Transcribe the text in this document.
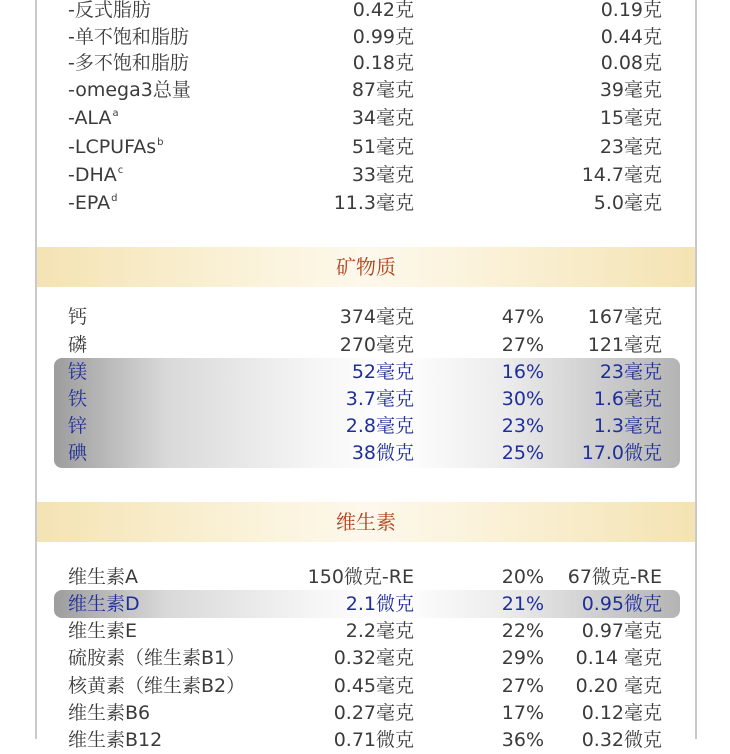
-反式脂肪	0.42克	0.19克
-单不饱和脂肪	0.99克	0.44克
-多不饱和脂肪	0.18克	0.08克
-omega3总量	87毫克	39毫克
-ALA$^a$	34毫克	15毫克
-LCPUFAs$^b$	51毫克	23毫克
-DHA$^c$	33毫克	14.7毫克
-EPA$^d$	11.3毫克	5.0毫克
矿物质
钙	374毫克	47% 167毫克
磷	270毫克	27% 121毫克
镁	52毫克	16%	23毫克
铁	3.7毫克	30%	1.6毫克
锌	2.8毫克	23%	1.3毫克
碘	38微克	25% 17.0微克
维生素
维生素A	150微克-RE	20% 67微克-RE
维生素D	2.1微克	21% 0.95微克
维生素E	2.2毫克	22% 0.97毫克
硫胺素（维生素B1）	0.32毫克	29% 0.14 毫克
核黄素（维生素B2）	0.45毫克	27% 0.20 毫克
维生素B6	0.27毫克	17% 0.12毫克
维生素B12	0.71微克	36% 0.32微克
